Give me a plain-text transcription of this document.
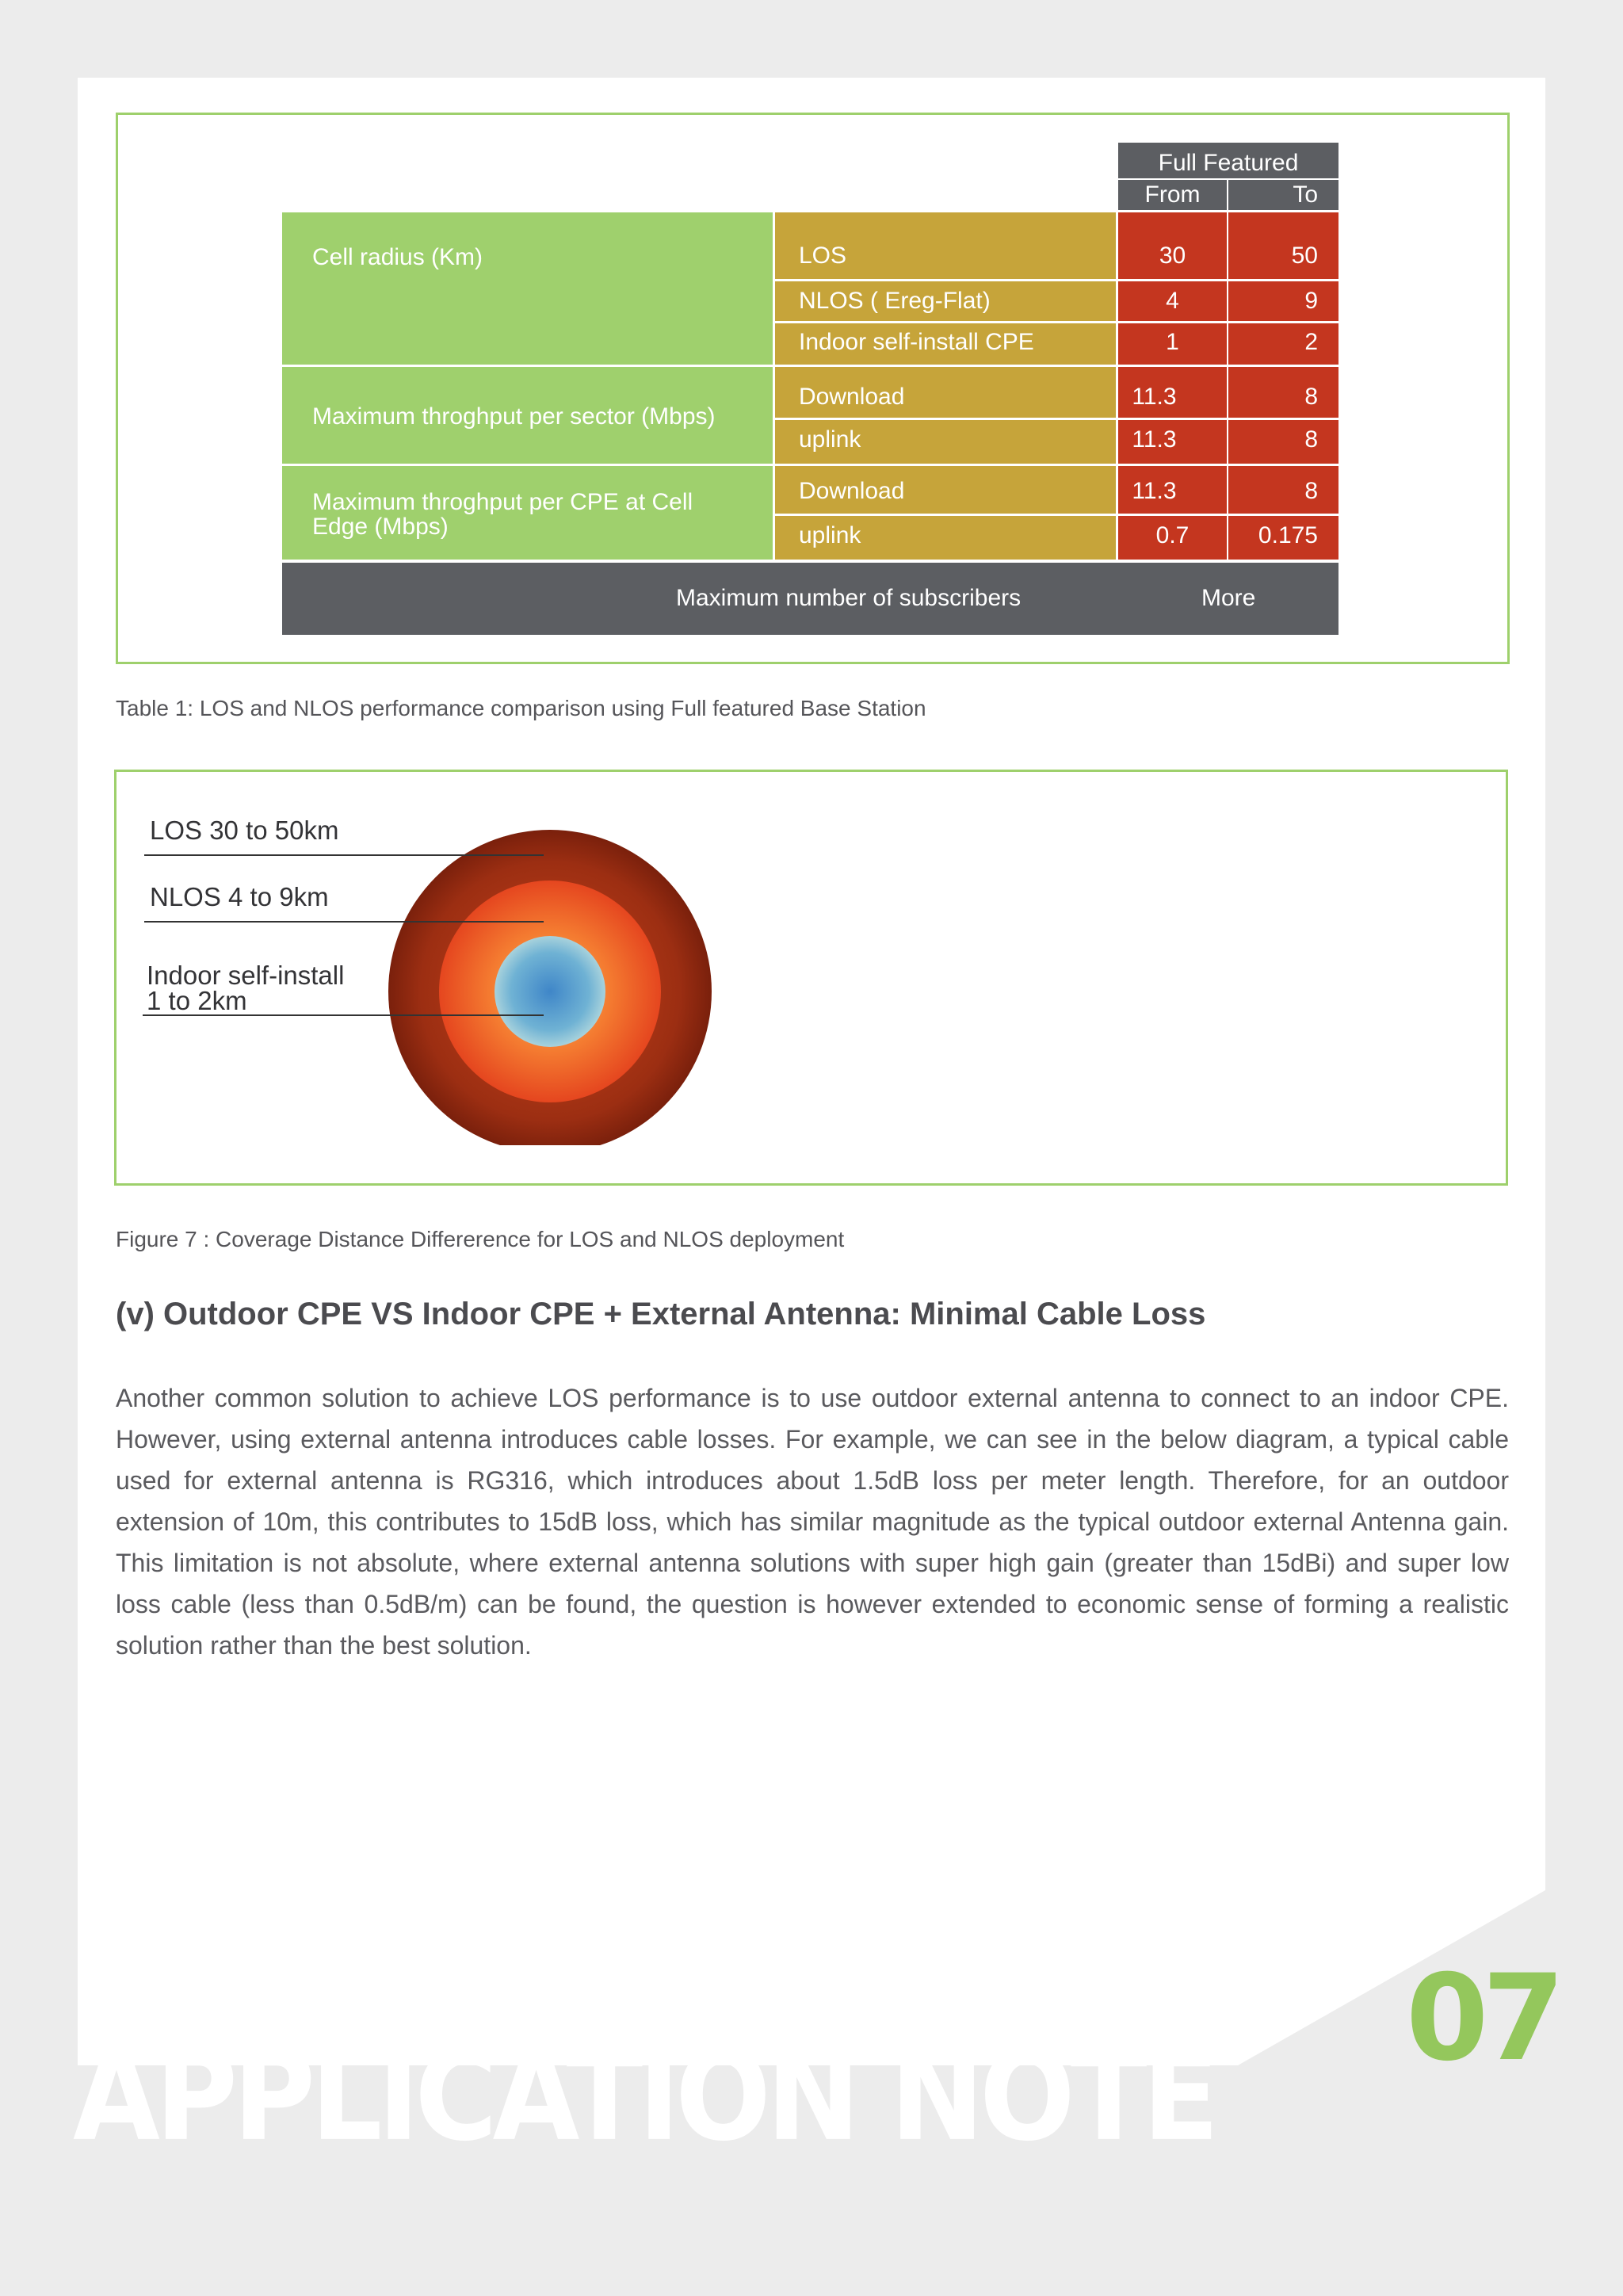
Full Featured
From	To
Cell radius (Km)
Maximum throghput per sector (Mbps)
Maximum throghput per CPE at Cell
Edge (Mbps)
LOS
NLOS ( Ereg-Flat)
Indoor self-install CPE
Download
uplink
Download
uplink
30
4
1
11.3
11.3
11.3
0.7
50
9
2
8
8
8
0.175
Maximum number of subscribers	More
Table 1: LOS and NLOS performance comparison using Full featured Base Station
LOS 30 to 50km
NLOS 4 to 9km
Indoor self-install
1 to 2km
Figure 7 : Coverage Distance Differerence for LOS and NLOS deployment
(v) Outdoor CPE VS Indoor CPE + External Antenna: Minimal Cable Loss
Another common solution to achieve LOS performance is to use outdoor external antenna to connect to an indoor CPE. However, using external antenna introduces cable losses. For example, we can see in the below diagram, a typical cable used for external antenna is RG316, which introduces about 1.5dB loss per meter length. Therefore, for an outdoor extension of 10m, this contributes to 15dB loss, which has similar magnitude as the typical outdoor external Antenna gain. This limitation is not absolute, where external antenna solutions with super high gain (greater than 15dBi) and super low loss cable (less than 0.5dB/m) can be found, the question is however extended to economic sense of forming a realistic solution rather than the best solution.
APPLICATION NOTE
07
